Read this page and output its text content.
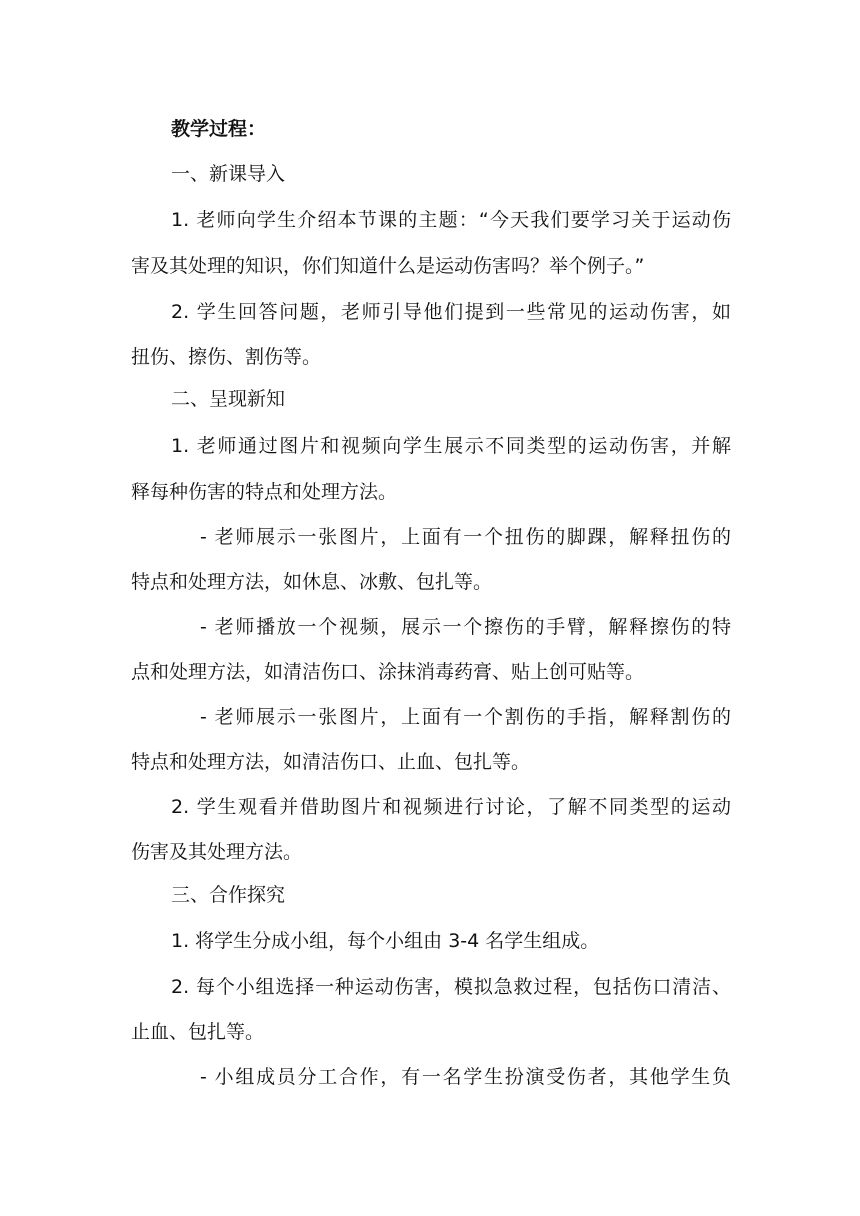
教学过程：
一、新课导入
1. 老师向学生介绍本节课的主题：“今天我们要学习关于运动伤
害及其处理的知识，你们知道什么是运动伤害吗？举个例子。”
2. 学生回答问题，老师引导他们提到一些常见的运动伤害，如
扭伤、擦伤、割伤等。
二、呈现新知
1. 老师通过图片和视频向学生展示不同类型的运动伤害，并解
释每种伤害的特点和处理方法。
- 老师展示一张图片，上面有一个扭伤的脚踝，解释扭伤的
特点和处理方法，如休息、冰敷、包扎等。
- 老师播放一个视频，展示一个擦伤的手臂，解释擦伤的特
点和处理方法，如清洁伤口、涂抹消毒药膏、贴上创可贴等。
- 老师展示一张图片，上面有一个割伤的手指，解释割伤的
特点和处理方法，如清洁伤口、止血、包扎等。
2. 学生观看并借助图片和视频进行讨论，了解不同类型的运动
伤害及其处理方法。
三、合作探究
1. 将学生分成小组，每个小组由 3-4 名学生组成。
2. 每个小组选择一种运动伤害，模拟急救过程，包括伤口清洁、
止血、包扎等。
- 小组成员分工合作，有一名学生扮演受伤者，其他学生负
